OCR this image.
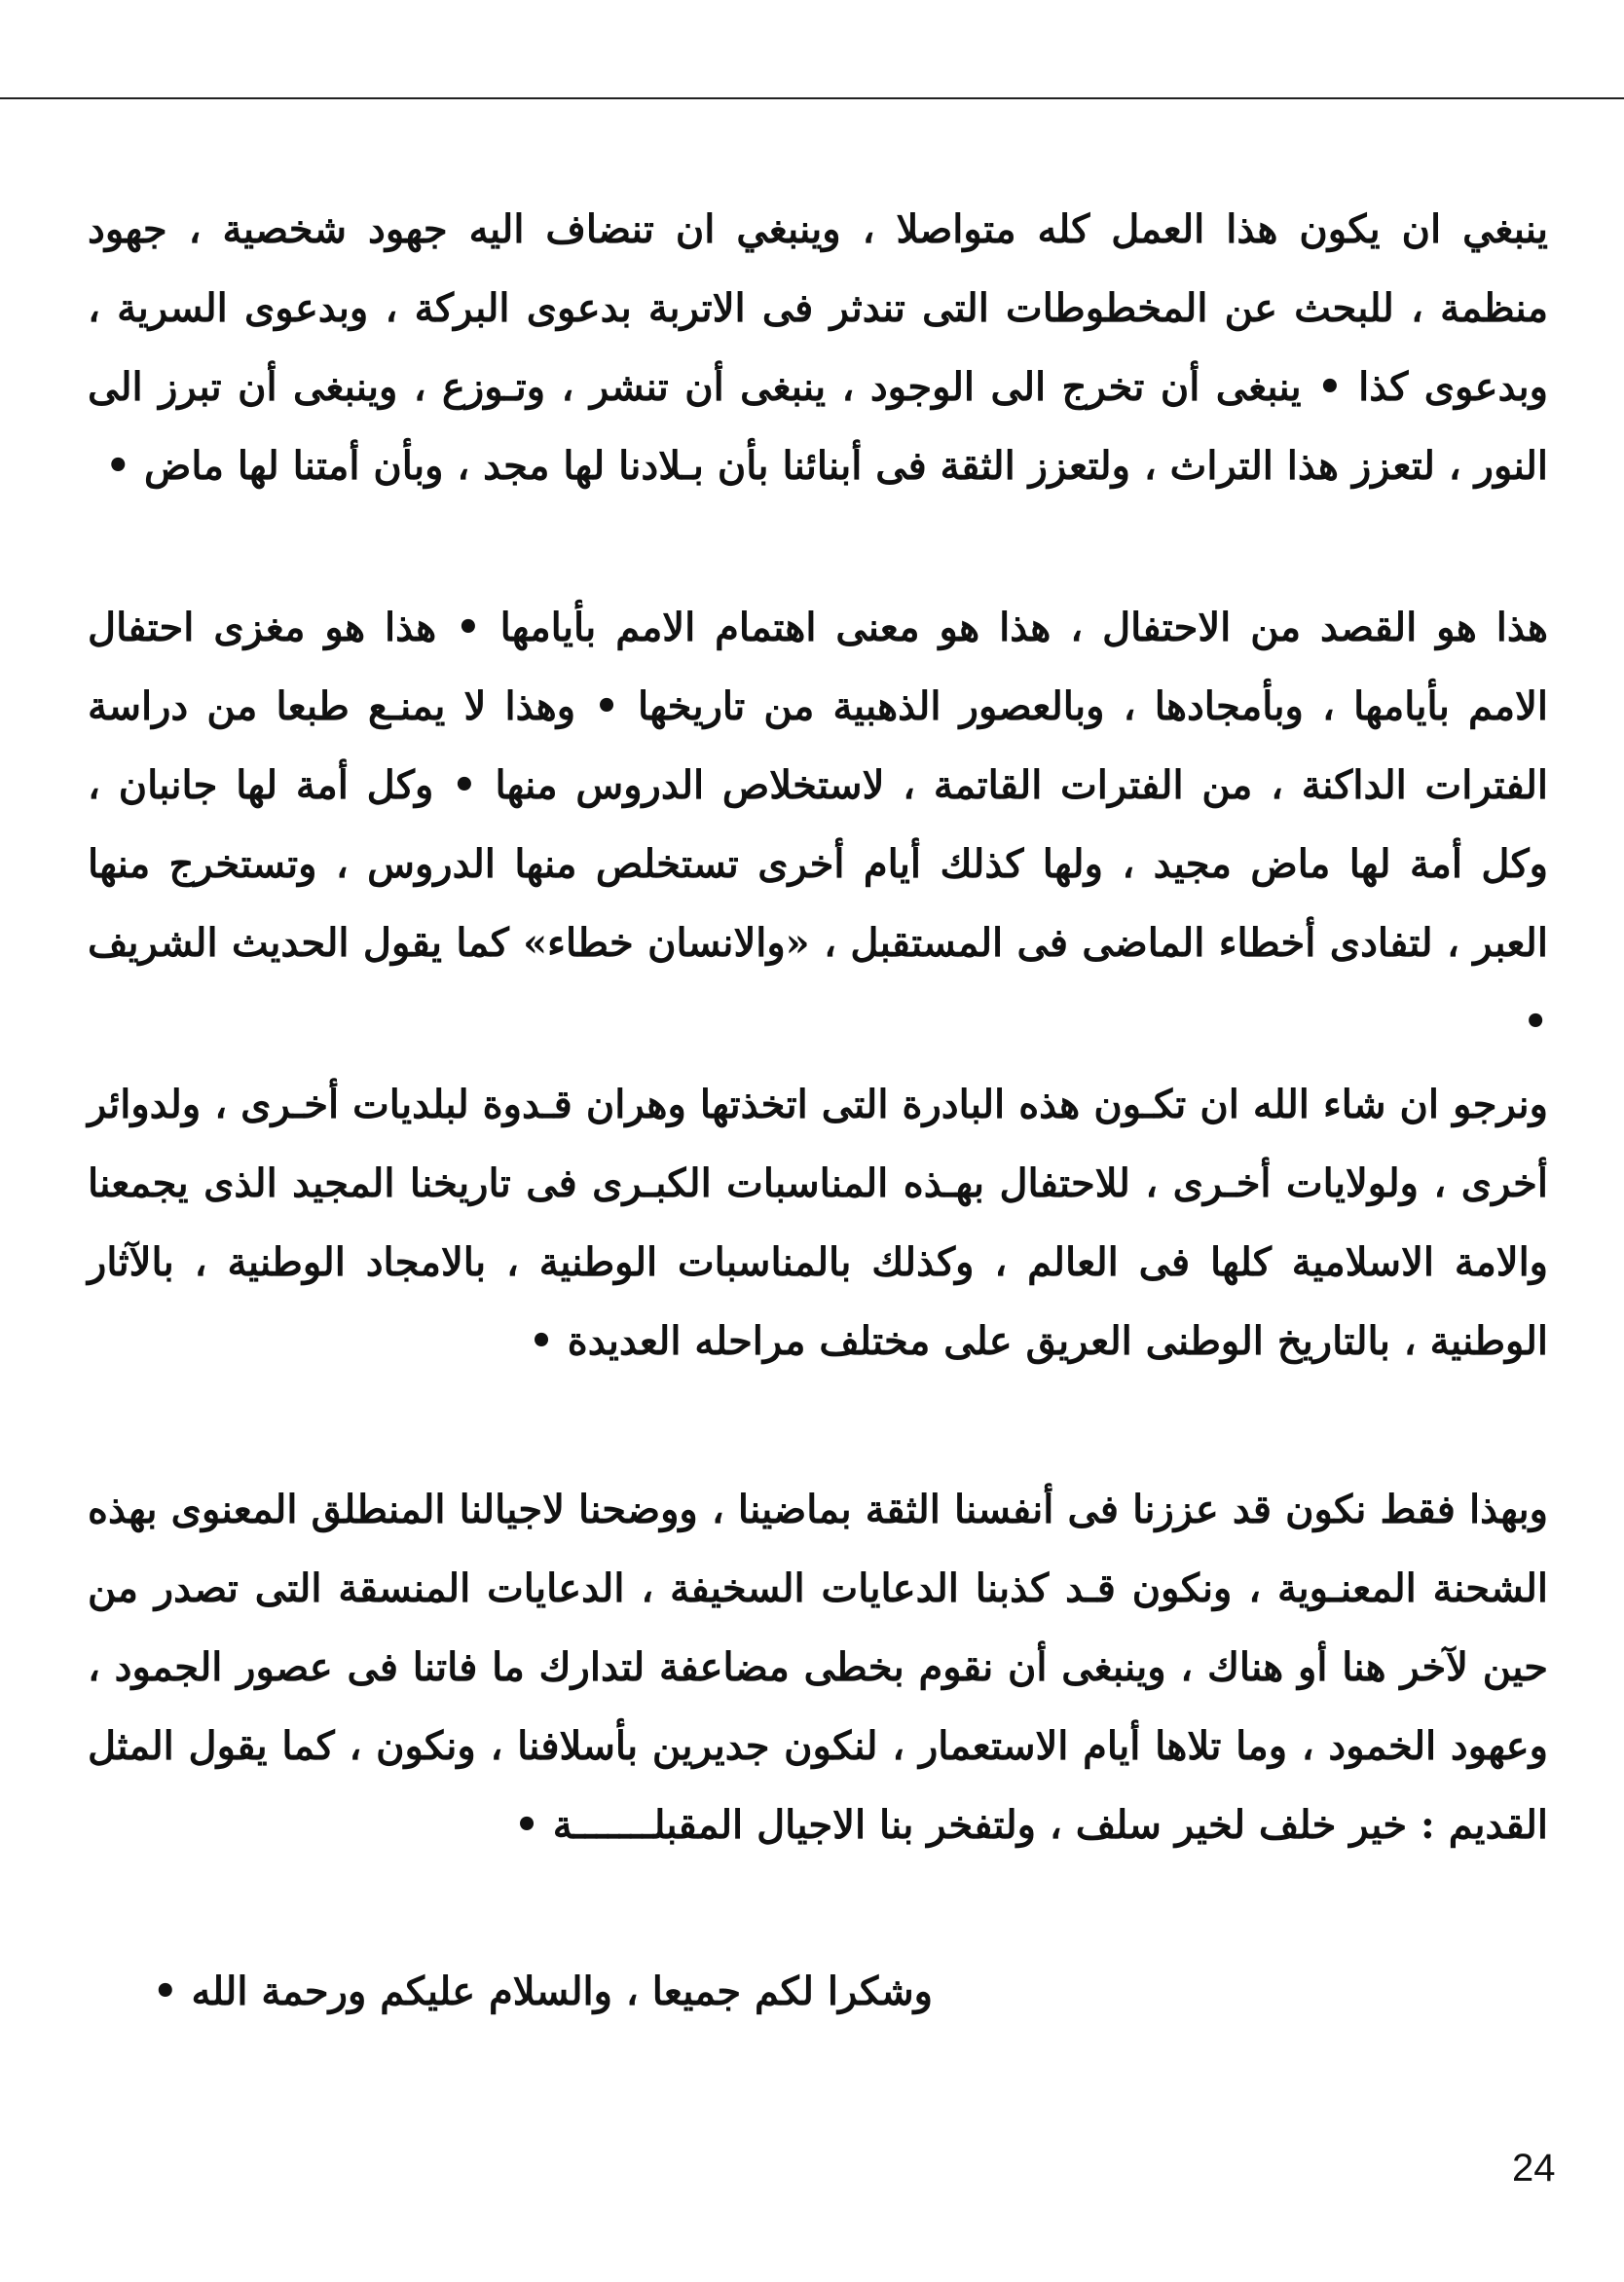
ينبغي ان يكون هذا العمل كله متواصلا ، وينبغي ان تنضاف اليه جهود شخصية ، جهود منظمة ، للبحث عن المخطوطات التى تندثر فى الاتربة بدعوى البركة ، وبدعوى السرية ، وبدعوى كذا • ينبغى أن تخرج الى الوجود ، ينبغى أن تنشر ، وتـوزع ، وينبغى أن تبرز الى النور ، لتعزز هذا التراث ، ولتعزز الثقة فى أبنائنا بأن بـلادنا لها مجد ، وبأن أمتنا لها ماض •

هذا هو القصد من الاحتفال ، هذا هو معنى اهتمام الامم بأيامها • هذا هو مغزى احتفال الامم بأيامها ، وبأمجادها ، وبالعصور الذهبية من تاريخها • وهذا لا يمنـع طبعا من دراسة الفترات الداكنة ، من الفترات القاتمة ، لاستخلاص الدروس منها • وكل أمة لها جانبان ، وكل أمة لها ماض مجيد ، ولها كذلك أيام أخرى تستخلص منها الدروس ، وتستخرج منها العبر ، لتفادى أخطاء الماضى فى المستقبل ، «والانسان خطاء» كما يقول الحديث الشريف •

ونرجو ان شاء الله ان تكـون هذه البادرة التى اتخذتها وهران قـدوة لبلديات أخـرى ، ولدوائر أخرى ، ولولايات أخـرى ، للاحتفال بهـذه المناسبات الكبـرى فى تاريخنا المجيد الذى يجمعنا والامة الاسلامية كلها فى العالم ، وكذلك بالمناسبات الوطنية ، بالامجاد الوطنية ، بالآثار الوطنية ، بالتاريخ الوطنى العريق على مختلف مراحله العديدة •

وبهذا فقط نكون قد عززنا فى أنفسنا الثقة بماضينا ، ووضحنا لاجيالنا المنطلق المعنوى بهذه الشحنة المعنـوية ، ونكون قـد كذبنا الدعايات السخيفة ، الدعايات المنسقة التى تصدر من حين لآخر هنا أو هناك ، وينبغى أن نقوم بخطى مضاعفة لتدارك ما فاتنا فى عصور الجمود ، وعهود الخمود ، وما تلاها أيام الاستعمار ، لنكون جديرين بأسلافنا ، ونكون ، كما يقول المثل القديم : خير خلف لخير سلف ، ولتفخر بنا الاجيال المقبلـــــــة •

وشكرا لكم جميعا ، والسلام عليكم ورحمة الله •

24
